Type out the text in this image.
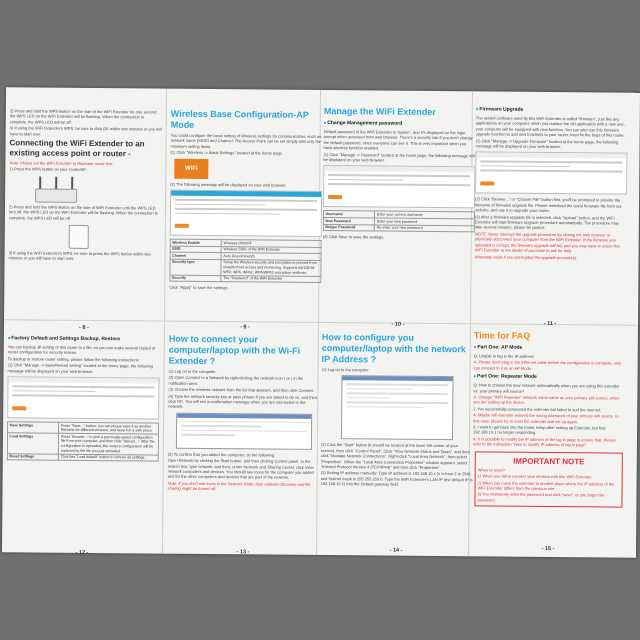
2) Press and hold the WPS Button on the side of the WiFi Extender for one second, the WPS LED on the WiFi Extender will be flashing. When the connection is complete, the WPS LED will be off.
3) If using the WiFi Extender's WPS, be sure to click OK within two minutes or you will have to start over.
Connecting the WiFi Extender to an existing access point or router -
Note: Please set the WiFi Extender to Repeater mode first.
1) Press the WPS button on your router/AP.
2) Press and hold the WPS Button on the side of WiFi Extender until the WPS LED turn off, the WPS LED on the WiFi Extender will be flashing. When the connection is complete, the WPS LED will be off.
3) If using the WiFi Extender's WPS, be sure to press the WPS button within two minutes or you will have to start over.
- 8 -
Wireless Base Configuration-AP Mode
You could configure the basic setting of Wireless settings for communication, such as network name (SSID) and Channel. The Access Point can be set simply with only the minimum setting items.
(1) Click "Wireless -> Basic Settings" located at the home page.
WiFi
(2) The following message will be displayed on your web browser.
Wireless Enable	Wireless ON/OFF
SSID	Wireless SSID of the WiFi Extender
Channel	Auto (Recommend)
Security type	Setup the Wireless security and encryption to prevent from unauthorized access and monitoring. Supports 64/128-bit WEP, WPA, WPA2, WPA/WPA2 encryption methods.
Security	The "Password" of the WiFi Extender
Click "Apply" to save the settings.
- 9 -
Manage the WiFi Extender
■ Change Management password
Default password of the WiFi Extender is "admin", and it's displayed on the login prompt when accessed from web browser. There's a security risk if you don't change the default password, since everyone can see it. This is very important when you have wireless function enabled.
(1) Click "Manage -> Password" located at the home page, the following message will be displayed on your web browser.
Username	Enter your current username
New Password	Enter your new password
Retype Password	Re-enter your new password
(2) Click Save to save the settings.
- 10 -
■ Firmware Upgrade
The system software used by this WiFi Extender is called "firmware", just like any applications on your computer, when you replace the old application with a new one, your computer will be equipped with new function. You can also use this firmware upgrade function to add new functions to your router, even fix the bugs of this router.
(1) Click "Manage -> Upgrade Firmware" located at the home page, the following message will be displayed on your web browser.
(2) Click "Browse..." or "Choose File" button first; you'll be prompted to provide the filename of firmware upgrade file. Please download the latest firmware file from our website, and use it to upgrade your router.
(3) After a firmware upgrade file is selected, click "Upload" button, and the WiFi Extender will start firmware upgrade procedure automatically. The procedure may take several minutes, please be patient.
NOTE: Never interrupt the upgrade procedure by closing the web browser or physically disconnect your computer from the WiFi Extender. If the firmware you uploaded is corrupt, the firmware upgrade will fail, and you may have to return this WiFi Extender to the dealer of purchase to ask for help.
(Warranty voids if you interrupted the upgrade procedure).
- 11 -
■ Factory Default and Settings Backup, Restore
You can backup all setting of this router to a file, so you can make several copied of router configuration for security reason.
To backup or restore router setting, please follow the following instructions:
(1) Click "Manage -> Save/Reload setting" located at the home page, the following message will be displayed on your web browser.
Save Settings	Press "Save..." button, you can please save it as another filename for different versions, and keep it in a safe place.
Load Settings	Press "Browse..." to pick a previously-saved configuration file from your computer, and then click "Upload...". After the configuration is uploaded, the router's configuration will be replaced by the file you just uploaded.
Reset Settings	Click this "Load default" button to remove all settings.
- 12 -
How to connect your computer/laptop with the Wi-Fi Extender ?
(1) Log on to the computer.
(2) Open Connect to a Network by right-clicking the network icon ( or ) in the notification area.
(3) Choose the wireless network from the list that appears, and then click Connect.
(4) Type the network security key or pass phrase if you are asked to do so, and then click OK. You will see a confirmation message when you are connected to the network.
(5) To confirm that you added the computer, do the following:
Open Network by clicking the Start button, and then clicking Control panel. In the search box, type network, and then, under Network and Sharing Center, click View network computers and devices. You should see icons for the computer you added and for the other computers and devices that are part of the network.
Note: If you don't see icons in the Network folder, then network discovery and file sharing might be turned off.
- 13 -
How to configure you computer/laptop with the network IP Address ?
(1) Log on to the computer.
(2) Click the "Start" button (it should be located at the lower-left corner of your screen), then click "Control Panel". Click "View Network Status and Tasks", and then click "Manage Network Connections". Right-click "Local Area Network", then select "Properties". When the "Local Area Connection Properties" window appears, select "Internet Protocol Version 4 (TCP/IPv4)" and then click "Properties".
(3) Setting IP address manually: Type IP address is 192.168.10.x (x is from 2 to 254), and Subnet mask is 255.255.255.0. Type the WiFi Extender's LAN IP (the default IP is 192.168.10.1) into the Default gateway field.
- 14 -
Time for FAQ
■ Part One: AP Mode
Q: Unable to log in the IP address
A: Please don't plug in the Ethernet cable before the configuration is complete, only can connect to it as an AP Mode.
■ Part One: Repeater Mode
Q: How to choose the new network automatically when you are using this extender vs. your primary wifi source?
A: Change "WiFi Repeater" network name same as your primary wifi source, when you are setting up the device.
2. I've successfully connected the extender but failed to surf the Internet.
A: Maybe wifi extender entered the wrong password of your primary wifi source. In this case, please try to reset the extender and set up again.
3. I want to get back into the router setup after setting up Extender, but find 192.168.10.1 no longer responding.
A: It is possible to modify the IP address of the log in page to ensure that. Please refer to the instruction "How to modify IP address of log in page".
IMPORTANT NOTE
When to reset?
1) When you fail to connect your devices with this WiFi Extender.
2) When you move the extender to another place where the IP address of the WiFi Extender differs from the previous one.
3) You mistakenly enter the password and click "save", or you forget the password.
- 15 -
